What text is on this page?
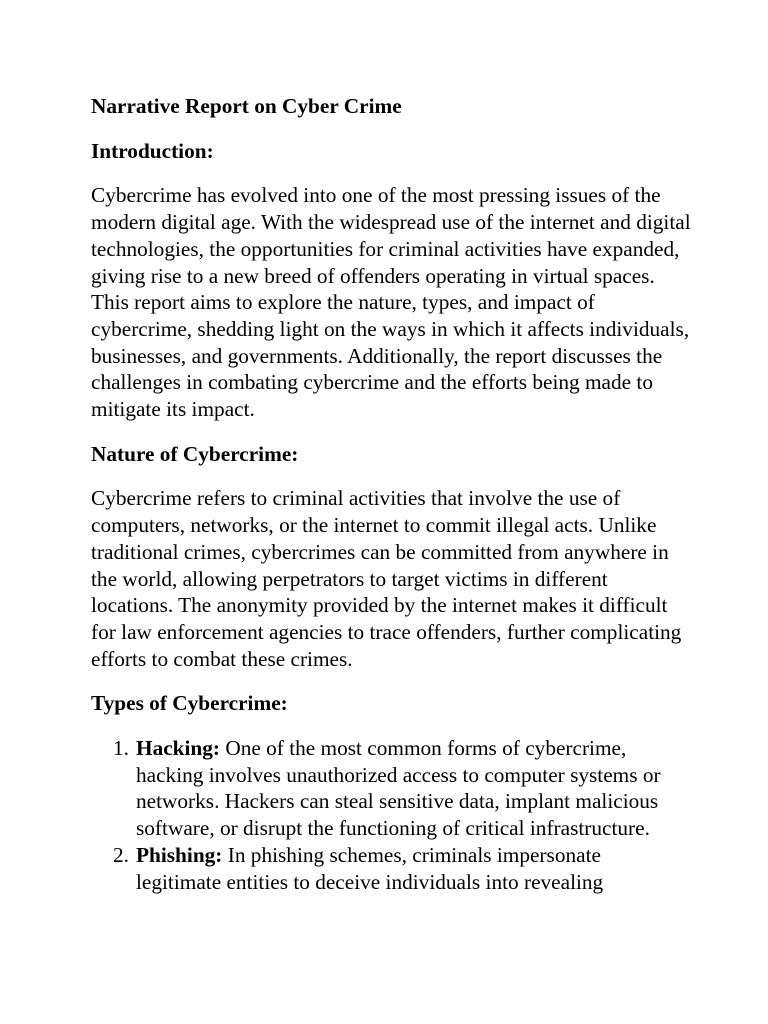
Narrative Report on Cyber Crime
Introduction:

Cybercrime has evolved into one of the most pressing issues of the modern digital age. With the widespread use of the internet and digital technologies, the opportunities for criminal activities have expanded, giving rise to a new breed of offenders operating in virtual spaces. This report aims to explore the nature, types, and impact of cybercrime, shedding light on the ways in which it affects individuals, businesses, and governments. Additionally, the report discusses the challenges in combating cybercrime and the efforts being made to mitigate its impact.

Nature of Cybercrime:

Cybercrime refers to criminal activities that involve the use of computers, networks, or the internet to commit illegal acts. Unlike traditional crimes, cybercrimes can be committed from anywhere in the world, allowing perpetrators to target victims in different locations. The anonymity provided by the internet makes it difficult for law enforcement agencies to trace offenders, further complicating efforts to combat these crimes.

Types of Cybercrime:
1. Hacking: One of the most common forms of cybercrime, hacking involves unauthorized access to computer systems or networks. Hackers can steal sensitive data, implant malicious software, or disrupt the functioning of critical infrastructure.
2. Phishing: In phishing schemes, criminals impersonate legitimate entities to deceive individuals into revealing
